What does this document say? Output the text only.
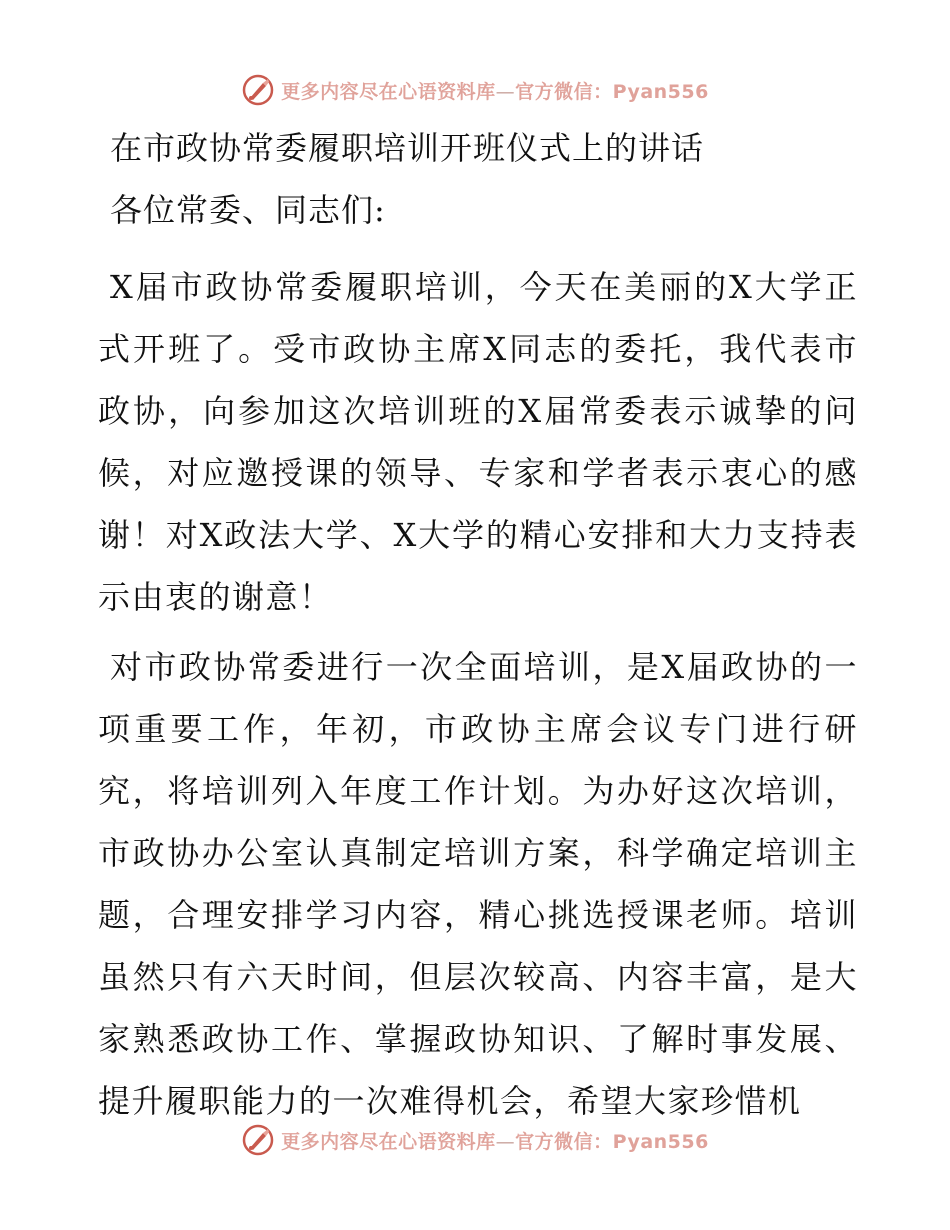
更多内容尽在心语资料库—官方微信：Pyan556
在市政协常委履职培训开班仪式上的讲话

各位常委、同志们:

X届市政协常委履职培训，今天在美丽的X大学正式开班了。受市政协主席X同志的委托，我代表市政协，向参加这次培训班的X届常委表示诚挚的问候，对应邀授课的领导、专家和学者表示衷心的感谢！对X政法大学、X大学的精心安排和大力支持表示由衷的谢意！

对市政协常委进行一次全面培训，是X届政协的一项重要工作，年初，市政协主席会议专门进行研究，将培训列入年度工作计划。为办好这次培训，市政协办公室认真制定培训方案，科学确定培训主题，合理安排学习内容，精心挑选授课老师。培训虽然只有六天时间，但层次较高、内容丰富，是大家熟悉政协工作、掌握政协知识、了解时事发展、提升履职能力的一次难得机会，希望大家珍惜机

更多内容尽在心语资料库—官方微信：Pyan556
